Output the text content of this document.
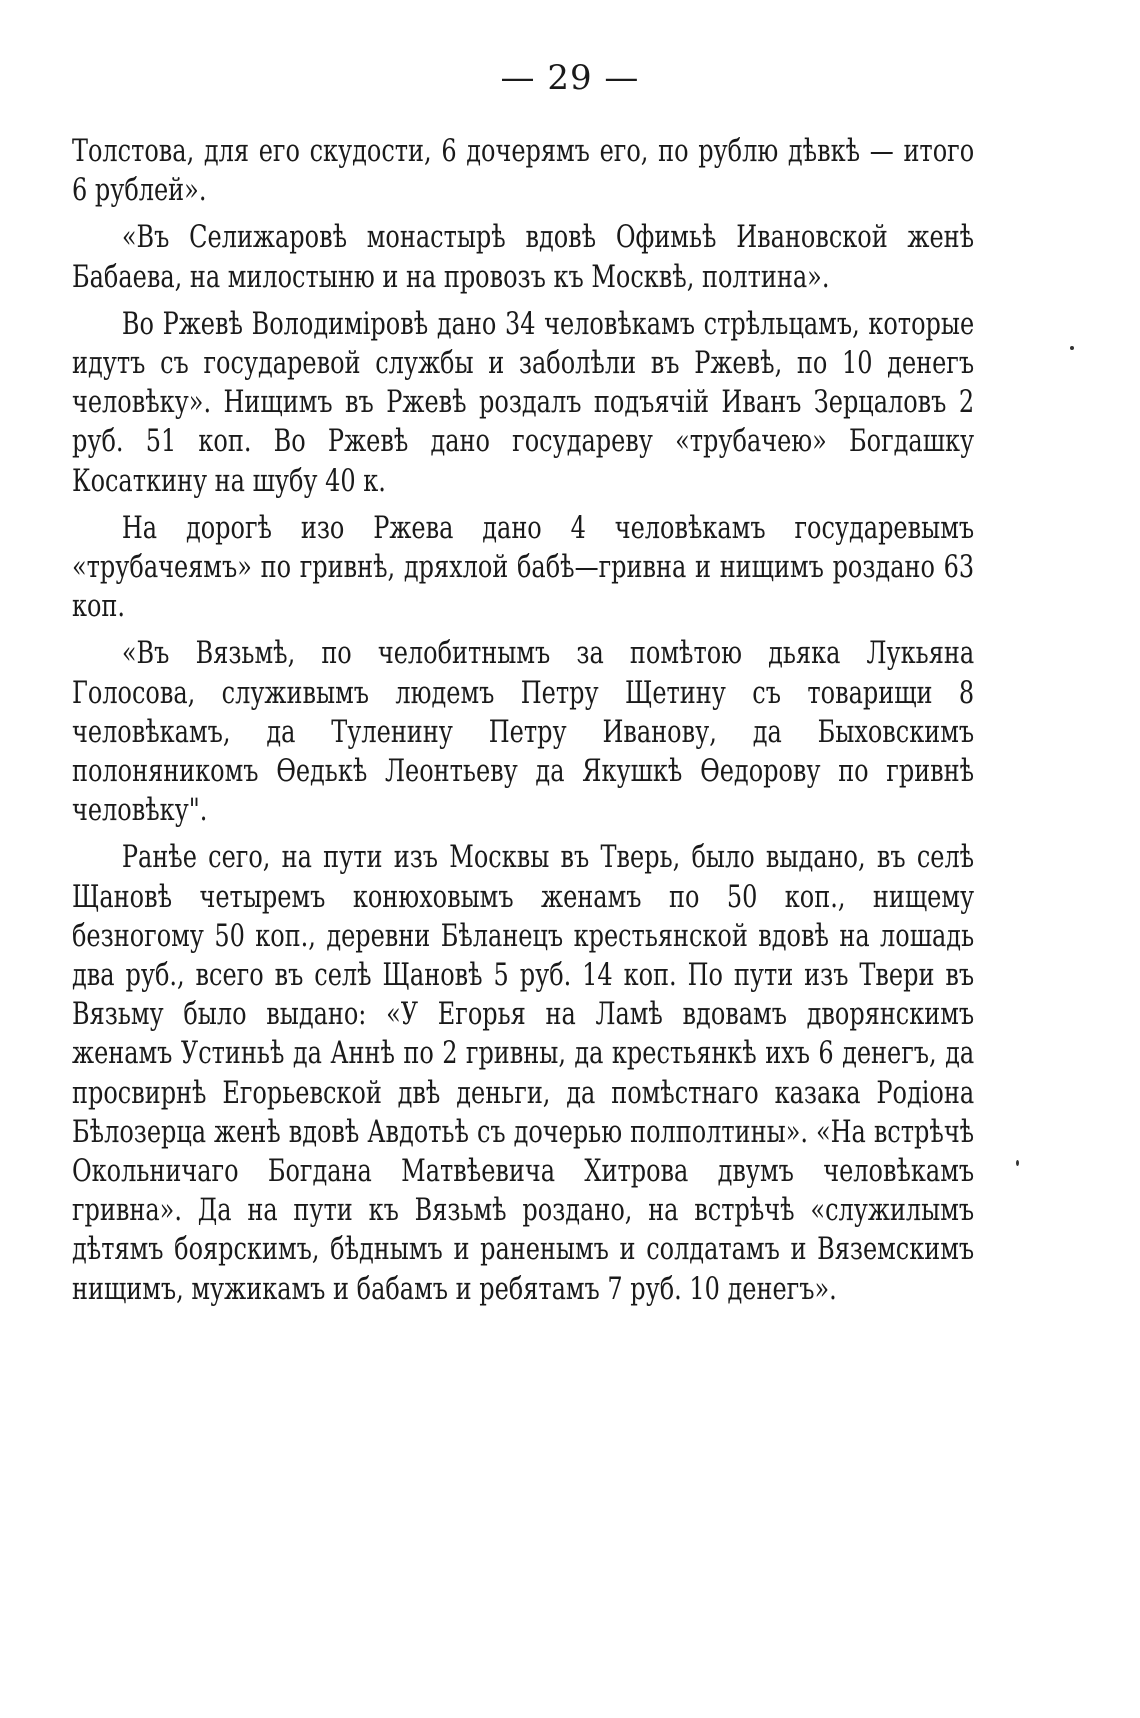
— 29 —

Толстова, для его скудости, 6 дочерямъ его, по рублю дѣвкѣ — итого 6 рублей».

«Въ Селижаровѣ монастырѣ вдовѣ Офимьѣ Ивановской женѣ Бабаева, на милостыню и на провозъ къ Москвѣ, полтина».

Во Ржевѣ Володиміровѣ дано 34 человѣкамъ стрѣльцамъ, которые идутъ съ государевой службы и заболѣли въ Ржевѣ, по 10 денегъ человѣку». Нищимъ въ Ржевѣ роздалъ подъячій Иванъ Зерцаловъ 2 руб. 51 коп. Во Ржевѣ дано государеву «трубачею» Богдашку Косаткину на шубу 40 к.

На дорогѣ изо Ржева дано 4 человѣкамъ государевымъ «трубачеямъ» по гривнѣ, дряхлой бабѣ—гривна и нищимъ роздано 63 коп.

«Въ Вязьмѣ, по челобитнымъ за помѣтою дьяка Лукьяна Голосова, служивымъ людемъ Петру Щетину съ товарищи 8 человѣкамъ, да Туленину Петру Иванову, да Быховскимъ полоняникомъ Ѳедькѣ Леонтьеву да Якушкѣ Ѳедорову по гривнѣ человѣку".

Ранѣе сего, на пути изъ Москвы въ Тверь, было выдано, въ селѣ Щановѣ четыремъ конюховымъ женамъ по 50 коп., нищему безногому 50 коп., деревни Бѣланецъ крестьянской вдовѣ на лошадь два руб., всего въ селѣ Щановѣ 5 руб. 14 коп. По пути изъ Твери въ Вязьму было выдано: «У Егорья на Ламѣ вдовамъ дворянскимъ женамъ Устиньѣ да Аннѣ по 2 гривны, да крестьянкѣ ихъ 6 денегъ, да просвирнѣ Егорьевской двѣ деньги, да помѣстнаго казака Родіона Бѣлозерца женѣ вдовѣ Авдотьѣ съ дочерью полполтины». «На встрѣчѣ Окольничаго Богдана Матвѣевича Хитрова двумъ человѣкамъ гривна». Да на пути къ Вязьмѣ роздано, на встрѣчѣ «служилымъ дѣтямъ боярскимъ, бѣднымъ и раненымъ и солдатамъ и Вяземскимъ нищимъ, мужикамъ и бабамъ и ребятамъ 7 руб. 10 денегъ».
